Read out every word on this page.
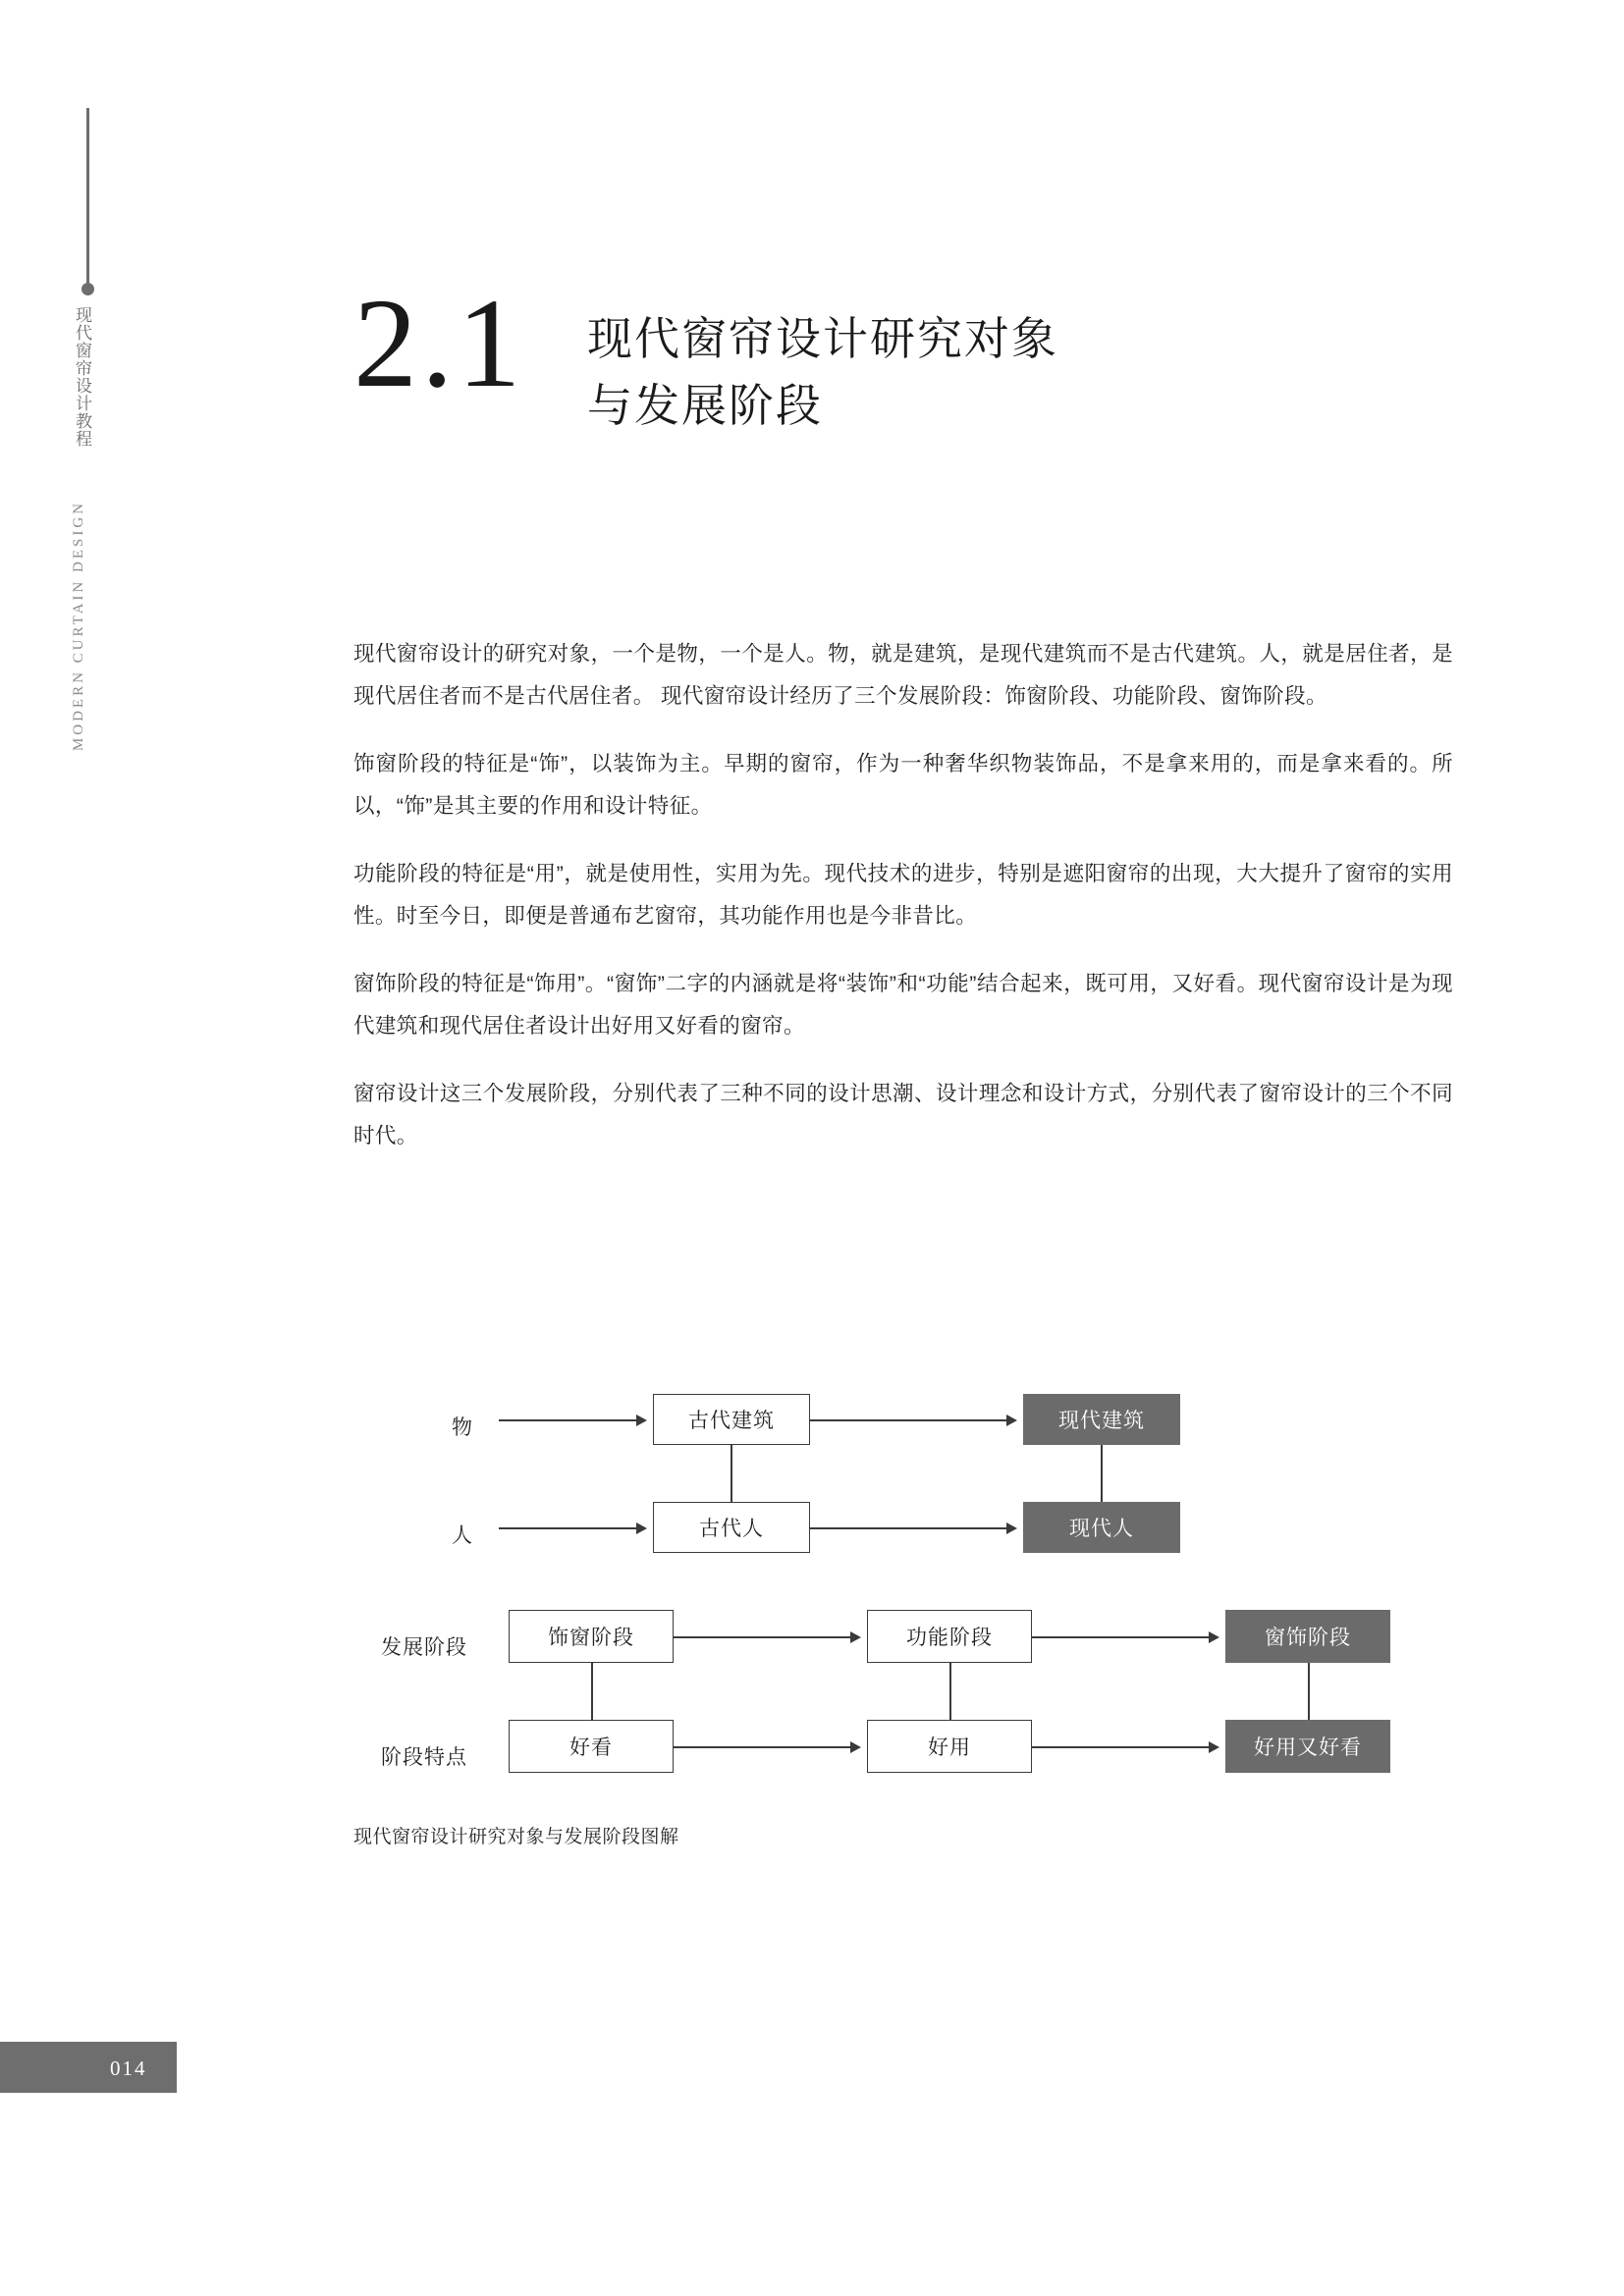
现代窗帘设计教程
MODERN CURTAIN DESIGN
2.1 现代窗帘设计研究对象
与发展阶段

现代窗帘设计的研究对象，一个是物，一个是人。物，就是建筑，是现代建筑而不是古代建筑。人，就是居住者，是现代居住者而不是古代居住者。 现代窗帘设计经历了三个发展阶段：饰窗阶段、功能阶段、窗饰阶段。

饰窗阶段的特征是“饰”，以装饰为主。早期的窗帘，作为一种奢华织物装饰品，不是拿来用的，而是拿来看的。所以，“饰”是其主要的作用和设计特征。

功能阶段的特征是“用”，就是使用性，实用为先。现代技术的进步，特别是遮阳窗帘的出现，大大提升了窗帘的实用性。时至今日，即便是普通布艺窗帘，其功能作用也是今非昔比。

窗饰阶段的特征是“饰用”。“窗饰”二字的内涵就是将“装饰”和“功能”结合起来，既可用，又好看。现代窗帘设计是为现代建筑和现代居住者设计出好用又好看的窗帘。

窗帘设计这三个发展阶段，分别代表了三种不同的设计思潮、设计理念和设计方式，分别代表了窗帘设计的三个不同时代。

物	古代建筑	现代建筑
人	古代人	现代人
发展阶段	饰窗阶段	功能阶段	窗饰阶段
阶段特点	好看	好用	好用又好看
现代窗帘设计研究对象与发展阶段图解
014
